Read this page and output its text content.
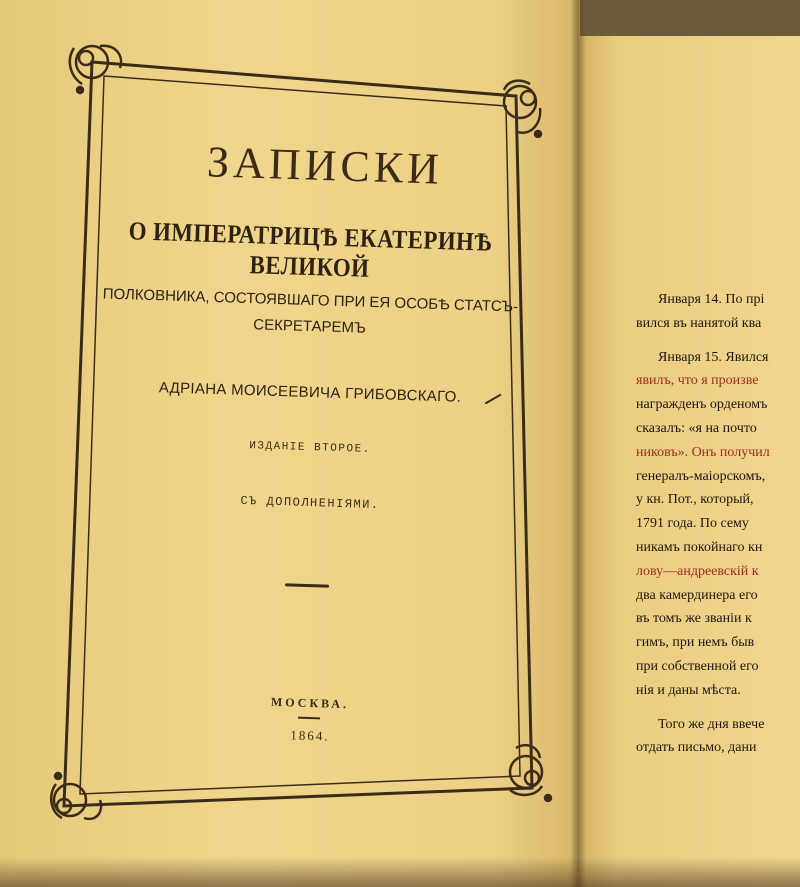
Января 14. По прі
вился въ нанятой ква
Января 15. Явился
явилъ, что я произве
награжденъ орденомъ
сказалъ: «я на почто
никовъ». Онъ получил
генералъ-маiорскомъ,
у кн. Пот., который,
1791 года. По сему
никамъ покойнаго кн
лову—андреевскій к
два камердинера его
въ томъ же званіи к
гимъ, при немъ быв
при собственной его
нія и даны мѣста.
Того же дня ввече
отдать письмо, дани
ЗАПИСКИ
О ИМПЕРАТРИЦѢ ЕКАТЕРИНѢ ВЕЛИКОЙ
ПОЛКОВНИКА, СОСТОЯВШАГО ПРИ ЕЯ ОСОБѢ СТАТСЪ-
СЕКРЕТАРЕМЪ
АДРІАНА МОИСЕЕВИЧА ГРИБОВСКАГО.
ИЗДАНІЕ ВТОРОЕ.
СЪ ДОПОЛНЕНІЯМИ.
МОСКВА.
1864.
